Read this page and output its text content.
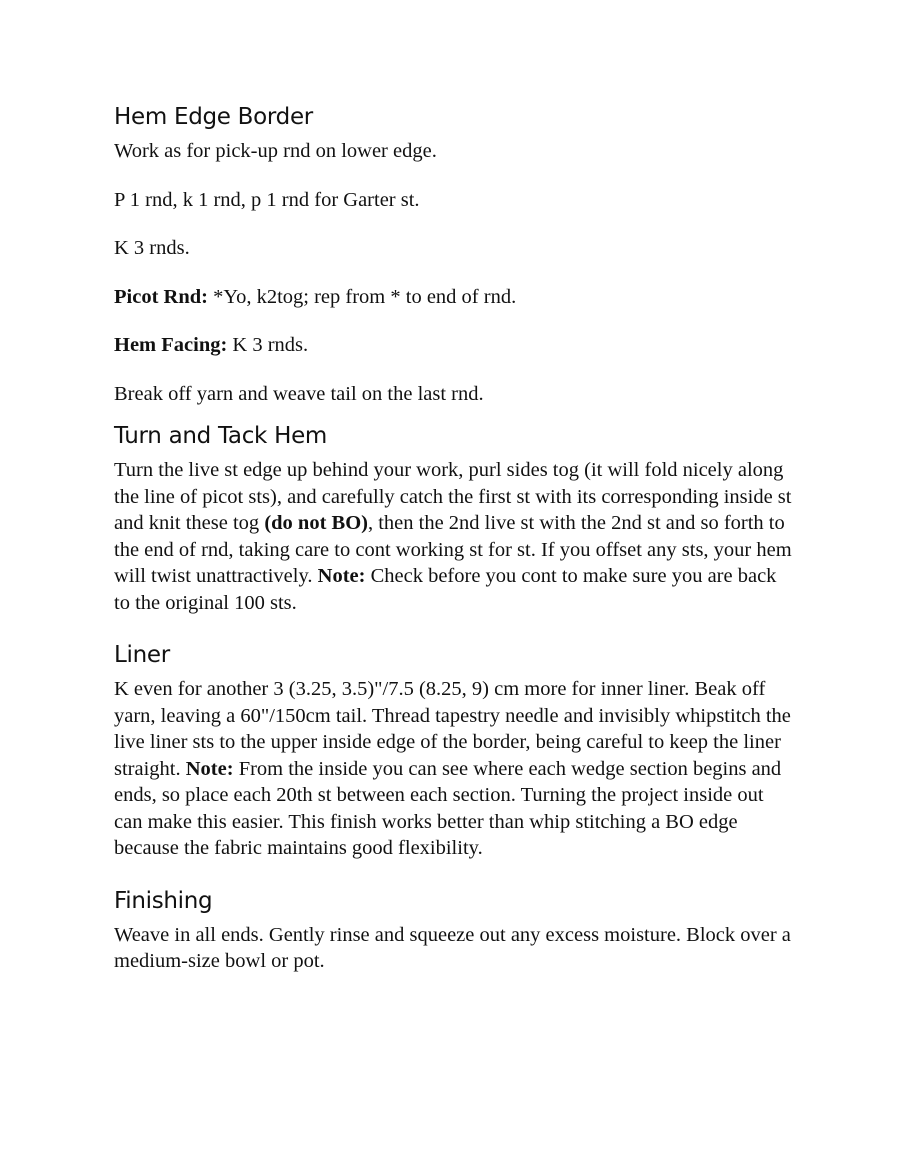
Hem Edge Border

Work as for pick-up rnd on lower edge.

P 1 rnd, k 1 rnd, p 1 rnd for Garter st.

K 3 rnds.

Picot Rnd: *Yo, k2tog; rep from * to end of rnd.

Hem Facing: K 3 rnds.

Break off yarn and weave tail on the last rnd.

Turn and Tack Hem

Turn the live st edge up behind your work, purl sides tog (it will fold nicely along the line of picot sts), and carefully catch the first st with its corresponding inside st and knit these tog (do not BO), then the 2nd live st with the 2nd st and so forth to the end of rnd, taking care to cont working st for st. If you offset any sts, your hem will twist unattractively. Note: Check before you cont to make sure you are back to the original 100 sts.

Liner

K even for another 3 (3.25, 3.5)"/7.5 (8.25, 9) cm more for inner liner. Beak off yarn, leaving a 60"/150cm tail. Thread tapestry needle and invisibly whipstitch the live liner sts to the upper inside edge of the border, being careful to keep the liner straight. Note: From the inside you can see where each wedge section begins and ends, so place each 20th st between each section. Turning the project inside out can make this easier. This finish works better than whip stitching a BO edge because the fabric maintains good flexibility.

Finishing

Weave in all ends. Gently rinse and squeeze out any excess moisture. Block over a medium-size bowl or pot.
